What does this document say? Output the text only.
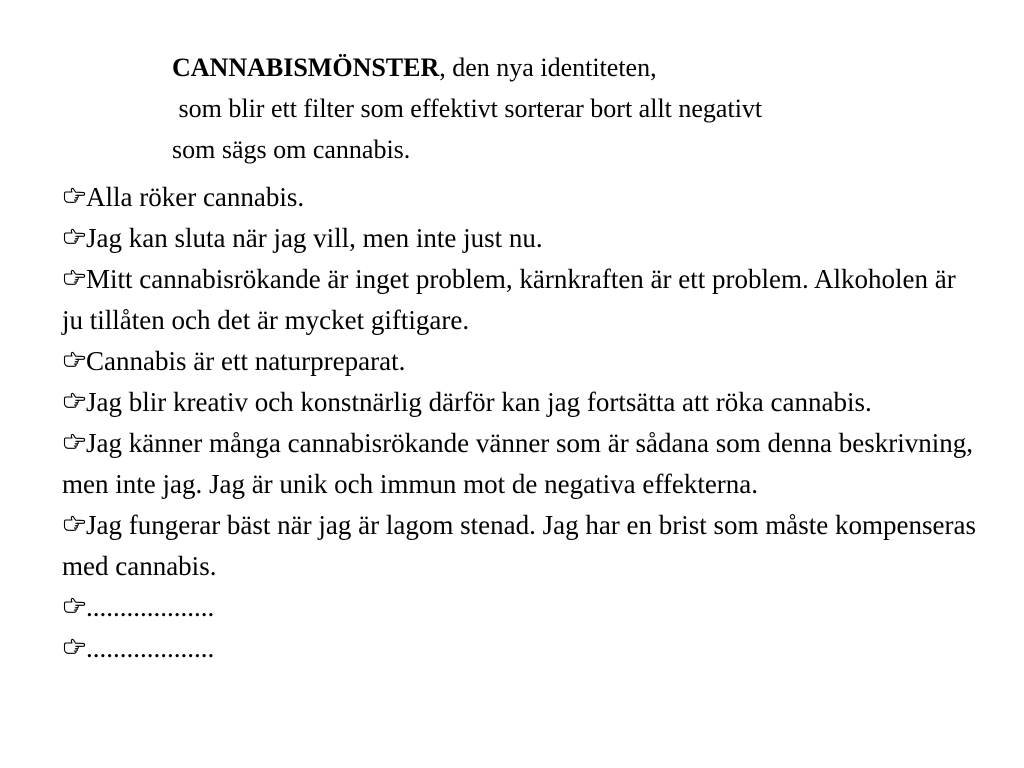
CANNABISMÖNSTER, den nya identiteten,
som blir ett filter som effektivt sorterar bort allt negativt
som sägs om cannabis.
Alla röker cannabis.
Jag kan sluta när jag vill, men inte just nu.
Mitt cannabisrökande är inget problem, kärnkraften är ett problem. Alkoholen är ju tillåten och det är mycket giftigare.
Cannabis är ett naturpreparat.
Jag blir kreativ och konstnärlig därför kan jag fortsätta att röka cannabis.
Jag känner många cannabisrökande vänner som är sådana som denna beskrivning, men inte jag. Jag är unik och immun mot de negativa effekterna.
Jag fungerar bäst när jag är lagom stenad. Jag har en brist som måste kompenseras med cannabis.
...................
...................
